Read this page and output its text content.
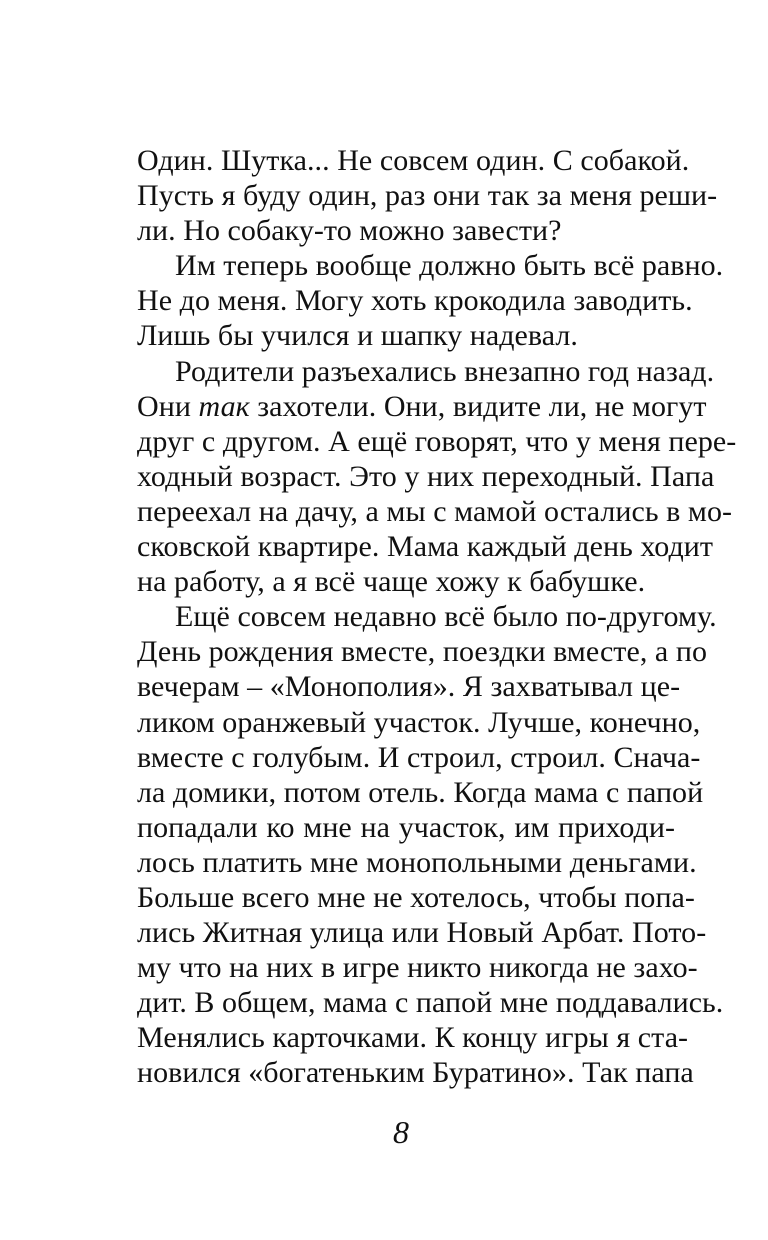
Один. Шутка... Не совсем один. С собакой.
Пусть я буду один, раз они так за меня реши-
ли. Но собаку-то можно завести?
Им теперь вообще должно быть всё равно.
Не до меня. Могу хоть крокодила заводить.
Лишь бы учился и шапку надевал.
Родители разъехались внезапно год назад.
Они так захотели. Они, видите ли, не могут
друг с другом. А ещё говорят, что у меня пере-
ходный возраст. Это у них переходный. Папа
переехал на дачу, а мы с мамой остались в мо-
сковской квартире. Мама каждый день ходит
на работу, а я всё чаще хожу к бабушке.
Ещё совсем недавно всё было по-другому.
День рождения вместе, поездки вместе, а по
вечерам – «Монополия». Я захватывал це-
ликом оранжевый участок. Лучше, конечно,
вместе с голубым. И строил, строил. Снача-
ла домики, потом отель. Когда мама с папой
попадали ко мне на участок, им приходи-
лось платить мне монопольными деньгами.
Больше всего мне не хотелось, чтобы попа-
лись Житная улица или Новый Арбат. Пото-
му что на них в игре никто никогда не захо-
дит. В общем, мама с папой мне поддавались.
Менялись карточками. К концу игры я ста-
новился «богатеньким Буратино». Так папа
8
